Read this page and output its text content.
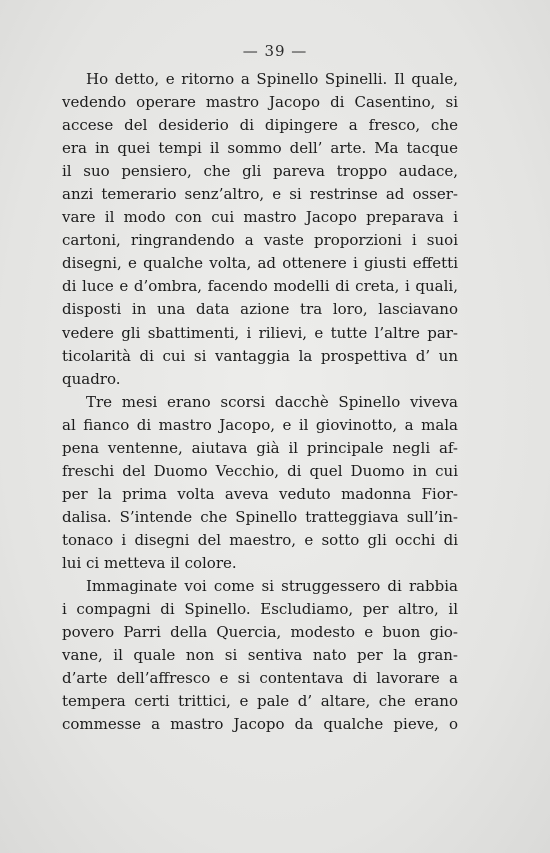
— 39 —
Ho detto, e ritorno a Spinello Spinelli. Il quale,
vedendo operare mastro Jacopo di Casentino, si
accese del desiderio di dipingere a fresco, che
era in quei tempi il sommo dell’ arte. Ma tacque
il suo pensiero, che gli pareva troppo audace,
anzi temerario senz’altro, e si restrinse ad osser-
vare il modo con cui mastro Jacopo preparava i
cartoni, ringrandendo a vaste proporzioni i suoi
disegni, e qualche volta, ad ottenere i giusti effetti
di luce e d’ombra, facendo modelli di creta, i quali,
disposti in una data azione tra loro, lasciavano
vedere gli sbattimenti, i rilievi, e tutte l’altre par-
ticolarità di cui si vantaggia la prospettiva d’ un
quadro.
Tre mesi erano scorsi dacchè Spinello viveva
al fianco di mastro Jacopo, e il giovinotto, a mala
pena ventenne, aiutava già il principale negli af-
freschi del Duomo Vecchio, di quel Duomo in cui
per la prima volta aveva veduto madonna Fior-
dalisa. S’intende che Spinello tratteggiava sull’in-
tonaco i disegni del maestro, e sotto gli occhi di
lui ci metteva il colore.
Immaginate voi come si struggessero di rabbia
i compagni di Spinello. Escludiamo, per altro, il
povero Parri della Quercia, modesto e buon gio-
vane, il quale non si sentiva nato per la gran-
d’arte dell’affresco e si contentava di lavorare a
tempera certi trittici, e pale d’ altare, che erano
commesse a mastro Jacopo da qualche pieve, o
